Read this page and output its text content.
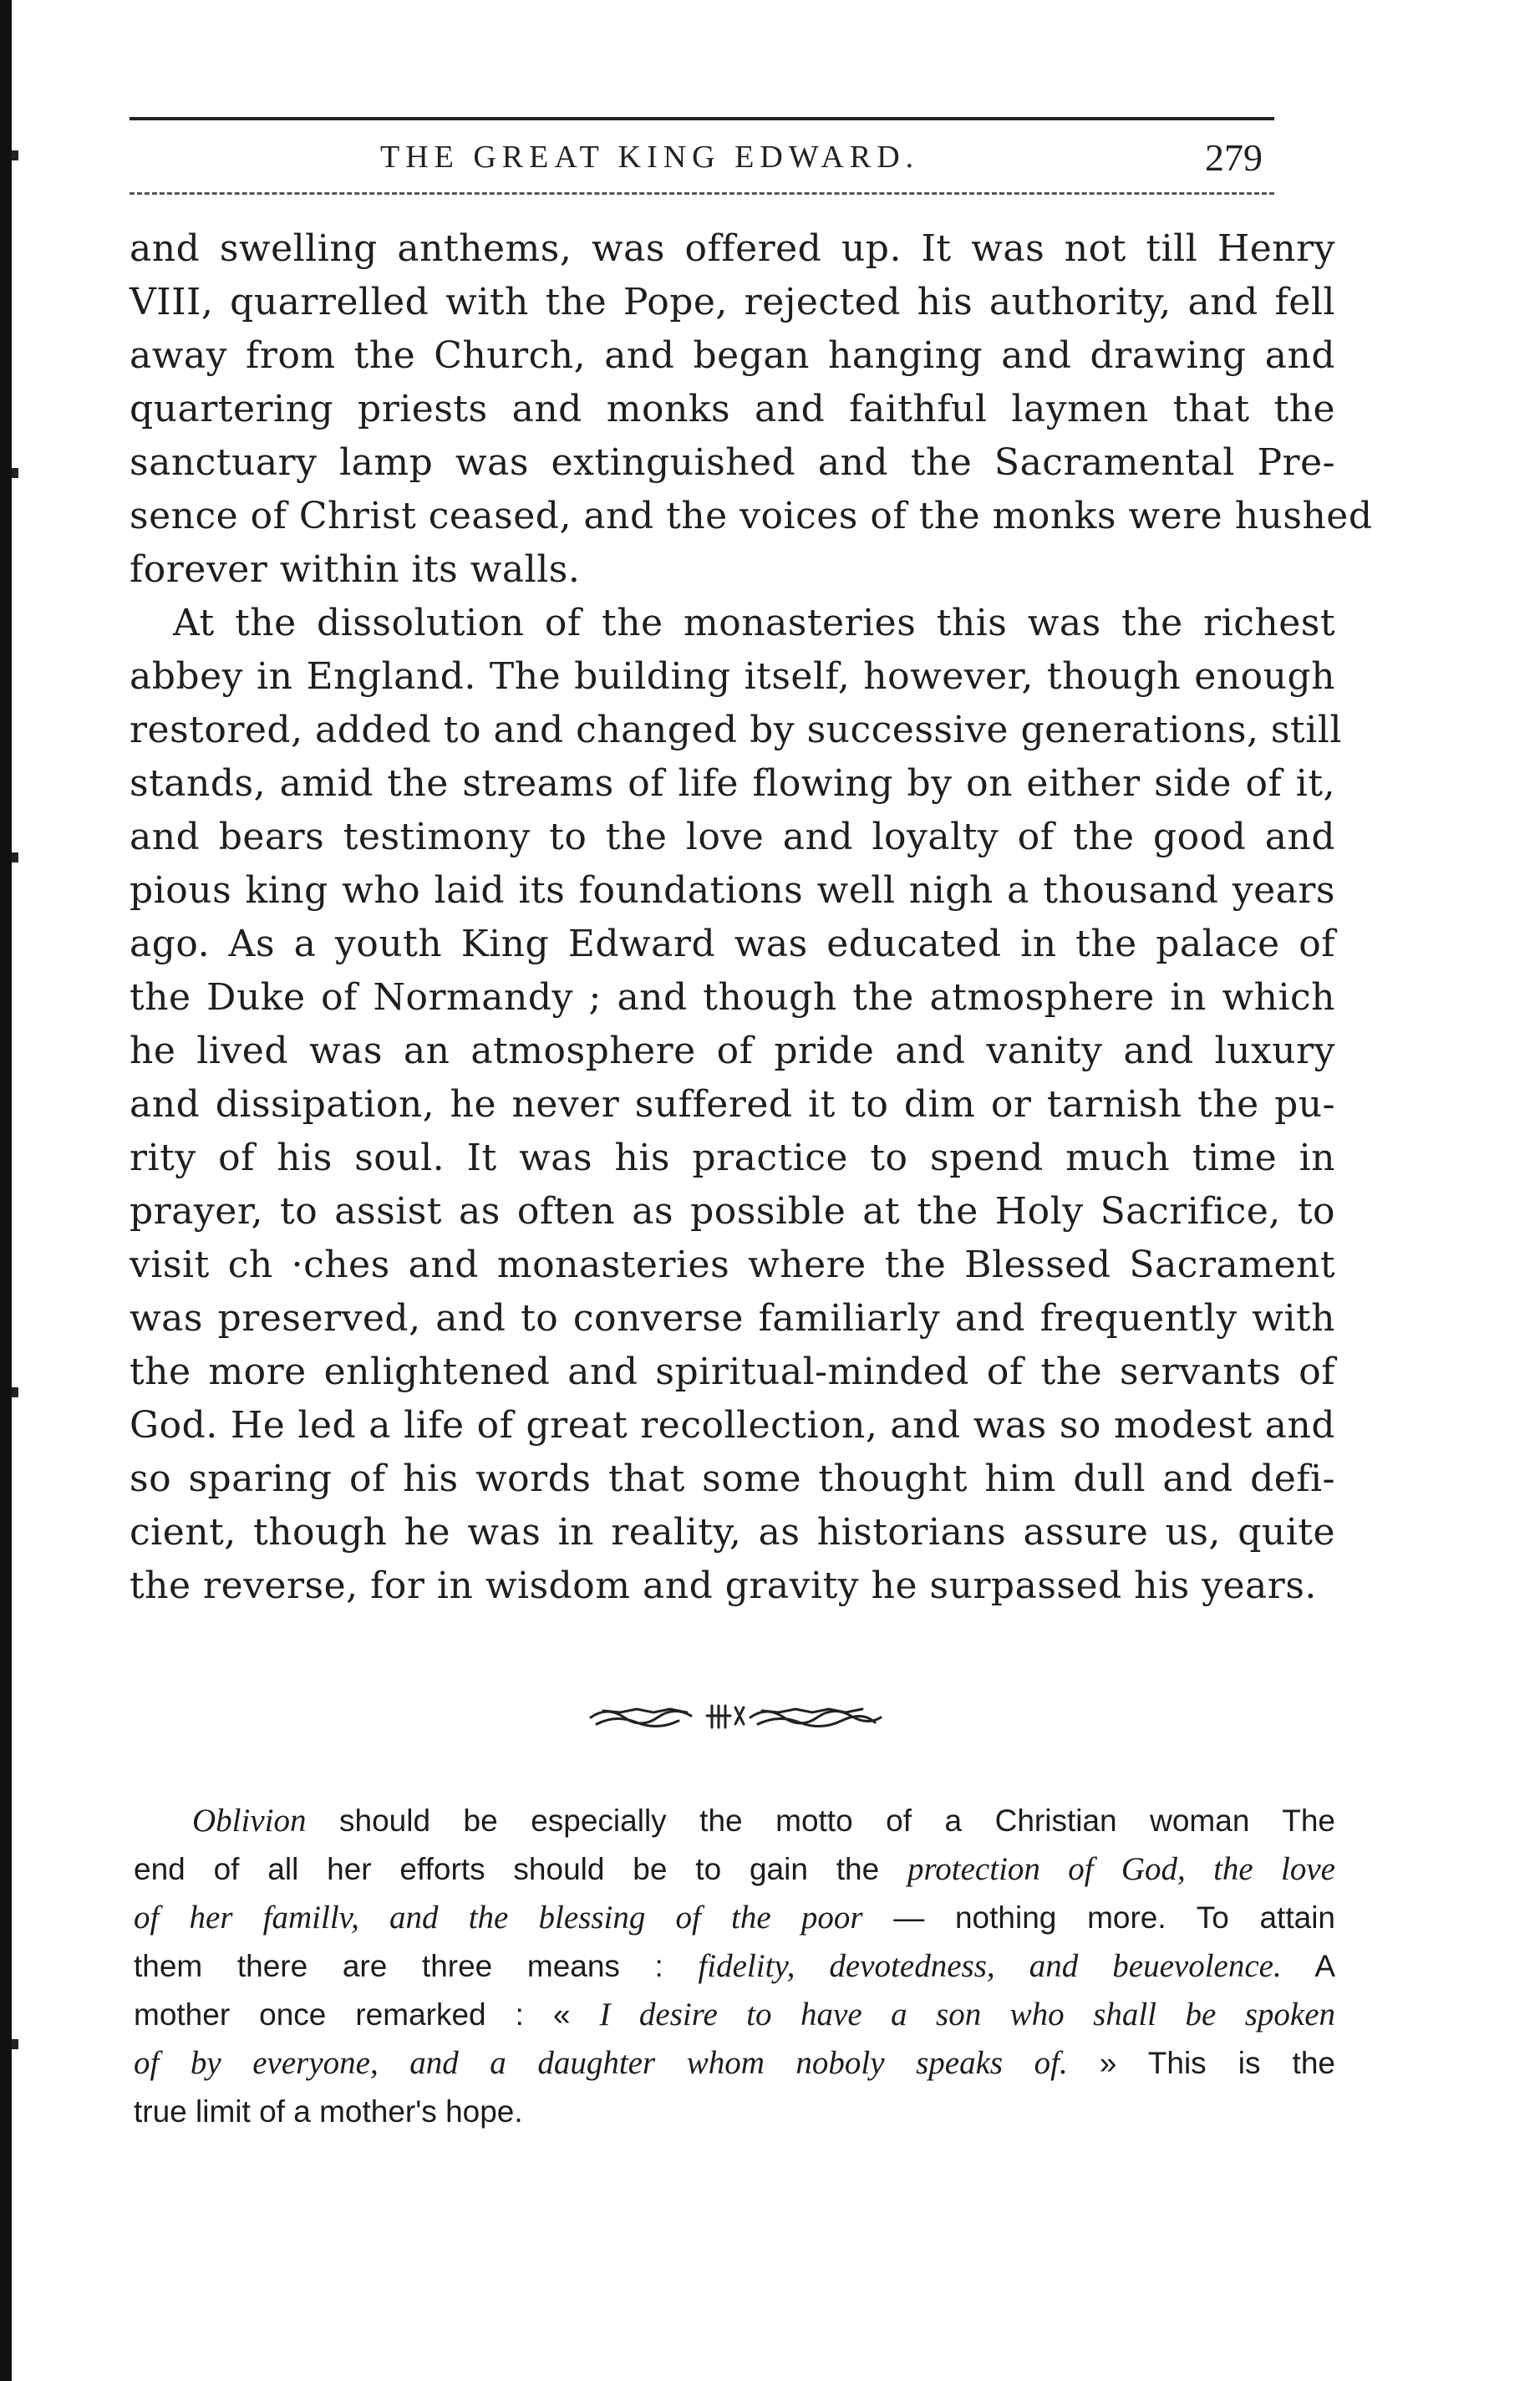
THE GREAT KING EDWARD.	279
and swelling anthems, was offered up. It was not till Henry
VIII, quarrelled with the Pope, rejected his authority, and fell
away from the Church, and began hanging and drawing and
quartering priests and monks and faithful laymen that the
sanctuary lamp was extinguished and the Sacramental Pre-
sence of Christ ceased, and the voices of the monks were hushed
forever within its walls.
At the dissolution of the monasteries this was the richest
abbey in England. The building itself, however, though enough
restored, added to and changed by successive generations, still
stands, amid the streams of life flowing by on either side of it,
and bears testimony to the love and loyalty of the good and
pious king who laid its foundations well nigh a thousand years
ago. As a youth King Edward was educated in the palace of
the Duke of Normandy ; and though the atmosphere in which
he lived was an atmosphere of pride and vanity and luxury
and dissipation, he never suffered it to dim or tarnish the pu-
rity of his soul. It was his practice to spend much time in
prayer, to assist as often as possible at the Holy Sacrifice, to
visit ch ·ches and monasteries where the Blessed Sacrament
was preserved, and to converse familiarly and frequently with
the more enlightened and spiritual-minded of the servants of
God. He led a life of great recollection, and was so modest and
so sparing of his words that some thought him dull and defi-
cient, though he was in reality, as historians assure us, quite
the reverse, for in wisdom and gravity he surpassed his years.
Oblivion should be especially the motto of a Christian woman The
end of all her efforts should be to gain the protection of God, the love
of her famillv, and the blessing of the poor — nothing more. To attain
them there are three means : fidelity, devotedness, and beuevolence. A
mother once remarked : « I desire to have a son who shall be spoken
of by everyone, and a daughter whom noboly speaks of. » This is the
true limit of a mother's hope.
